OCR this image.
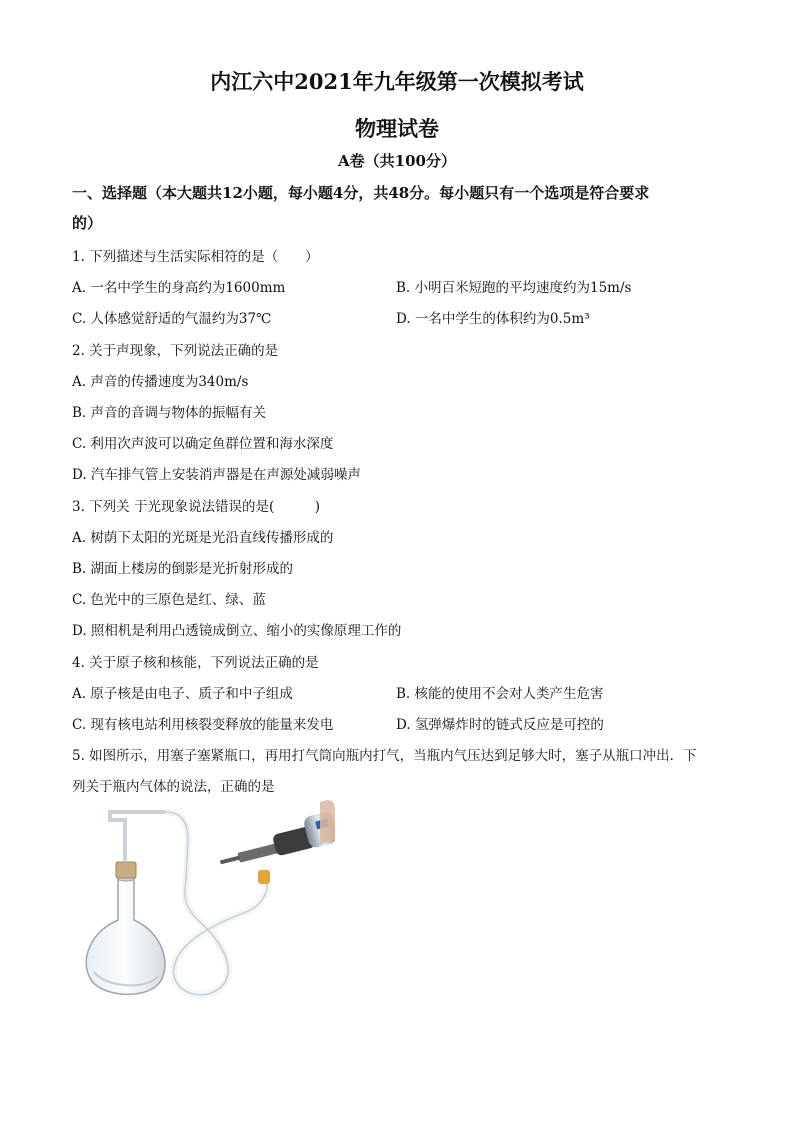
内江六中2021年九年级第一次模拟考试
物理试卷
A卷（共100分）
一、选择题（本大题共12小题，每小题4分，共48分。每小题只有一个选项是符合要求
的）
1. 下列描述与生活实际相符的是（　　）
A. 一名中学生的身高约为1600mm	B. 小明百米短跑的平均速度约为15m/s
C. 人体感觉舒适的气温约为37℃	D. 一名中学生的体积约为0.5m³
2. 关于声现象，下列说法正确的是
A. 声音的传播速度为340m/s
B. 声音的音调与物体的振幅有关
C. 利用次声波可以确定鱼群位置和海水深度
D. 汽车排气管上安装消声器是在声源处减弱噪声
3. 下列关 于光现象说法错误的是(　　　)
A. 树荫下太阳的光斑是光沿直线传播形成的
B. 湖面上楼房的倒影是光折射形成的
C. 色光中的三原色是红、绿、蓝
D. 照相机是利用凸透镜成倒立、缩小的实像原理工作的
4. 关于原子核和核能，下列说法正确的是
A. 原子核是由电子、质子和中子组成	B. 核能的使用不会对人类产生危害
C. 现有核电站利用核裂变释放的能量来发电	D. 氢弹爆炸时的链式反应是可控的
5. 如图所示，用塞子塞紧瓶口，再用打气筒向瓶内打气，当瓶内气压达到足够大时，塞子从瓶口冲出．下
列关于瓶内气体的说法，正确的是
